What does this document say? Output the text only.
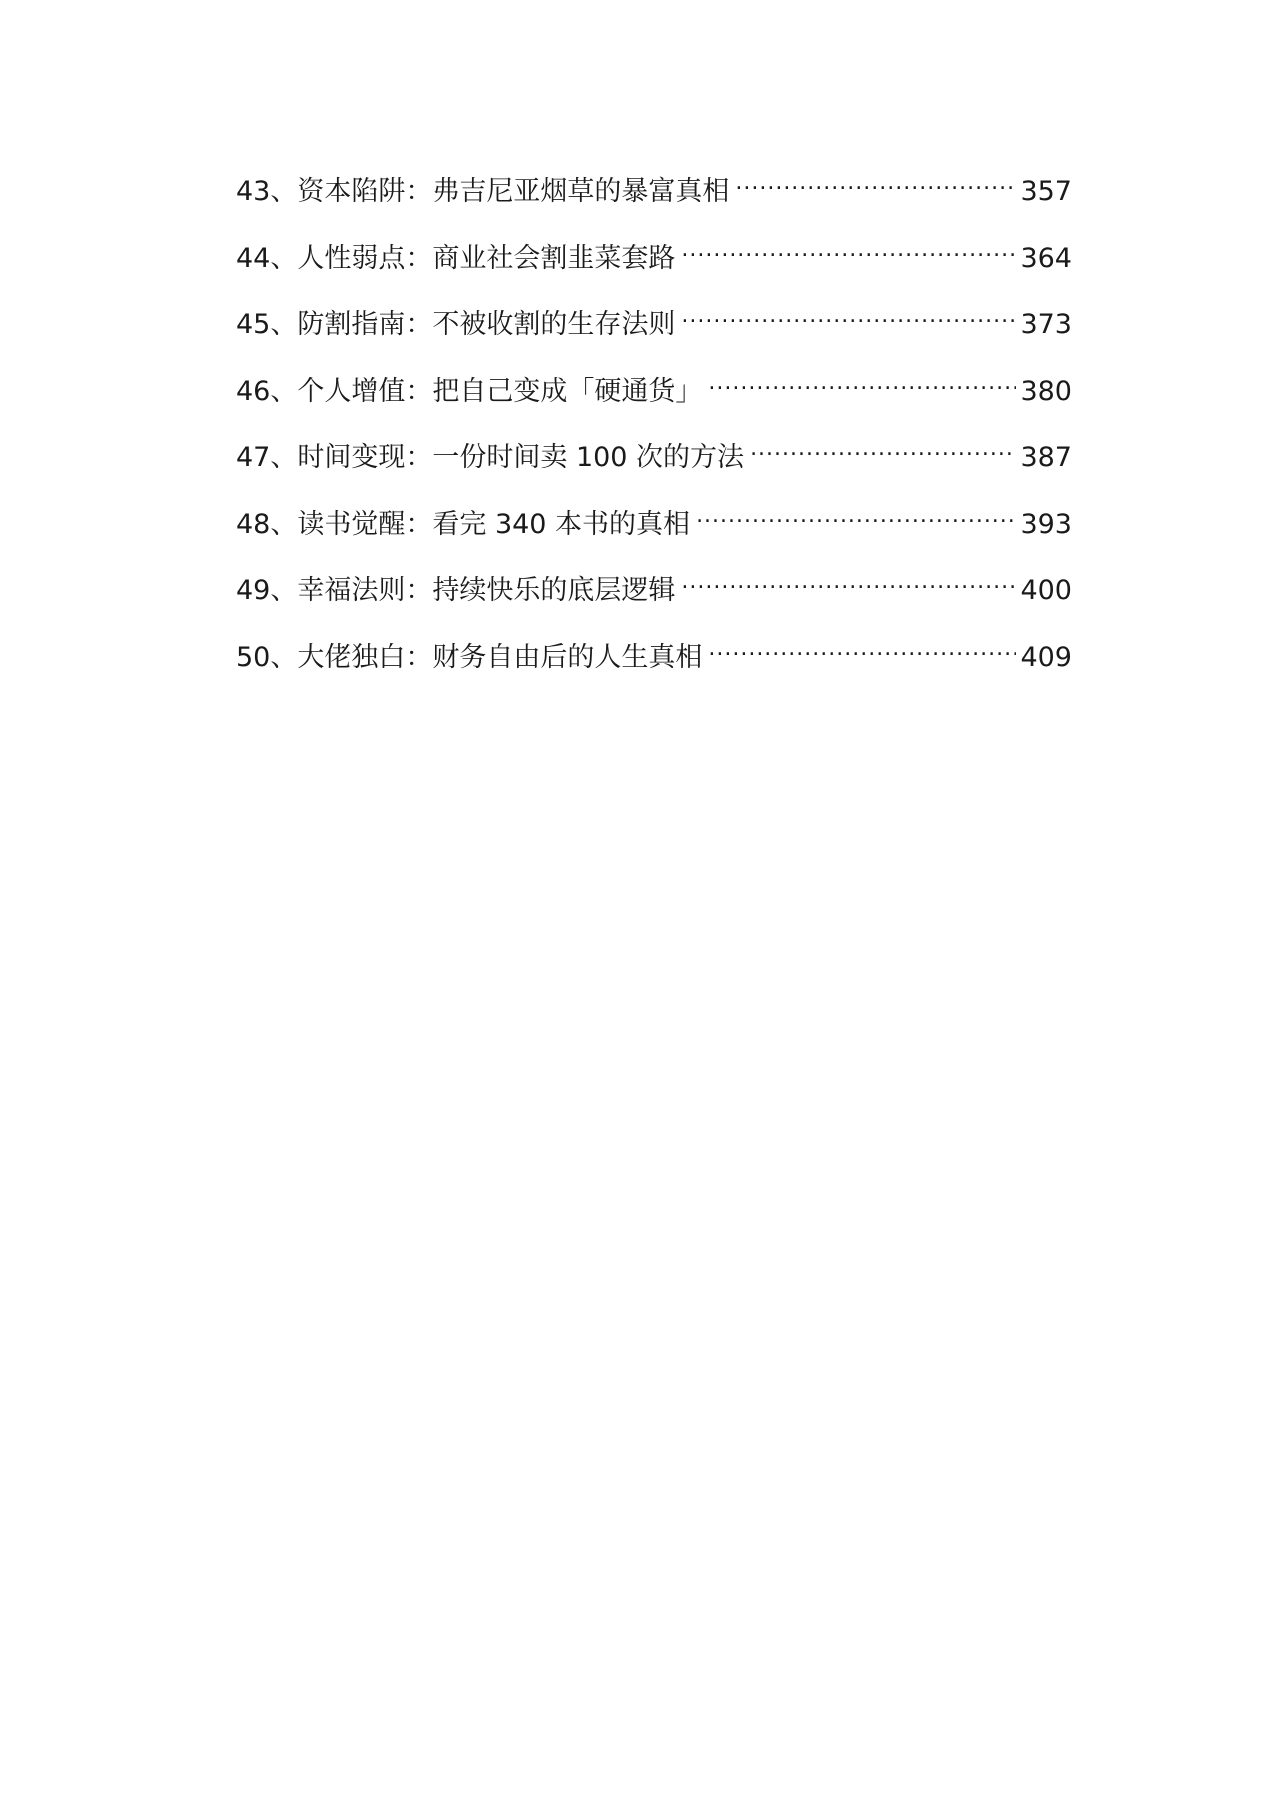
43 、 资本陷阱：弗吉尼亚烟草的暴富真相 .....	357
44 、 人性弱点：商业社会割韭菜套路 .....	364
45 、 防割指南：不被收割的生存法则 .....	373
46 、 个人增值：把自己变成「硬通货」 .....	380
47 、 时间变现：一份时间卖 100 次的方法 .....	387
48 、 读书觉醒：看完 340 本书的真相 .....	393
49 、 幸福法则：持续快乐的底层逻辑 .....	400
50 、 大佬独白：财务自由后的人生真相 .....	409
